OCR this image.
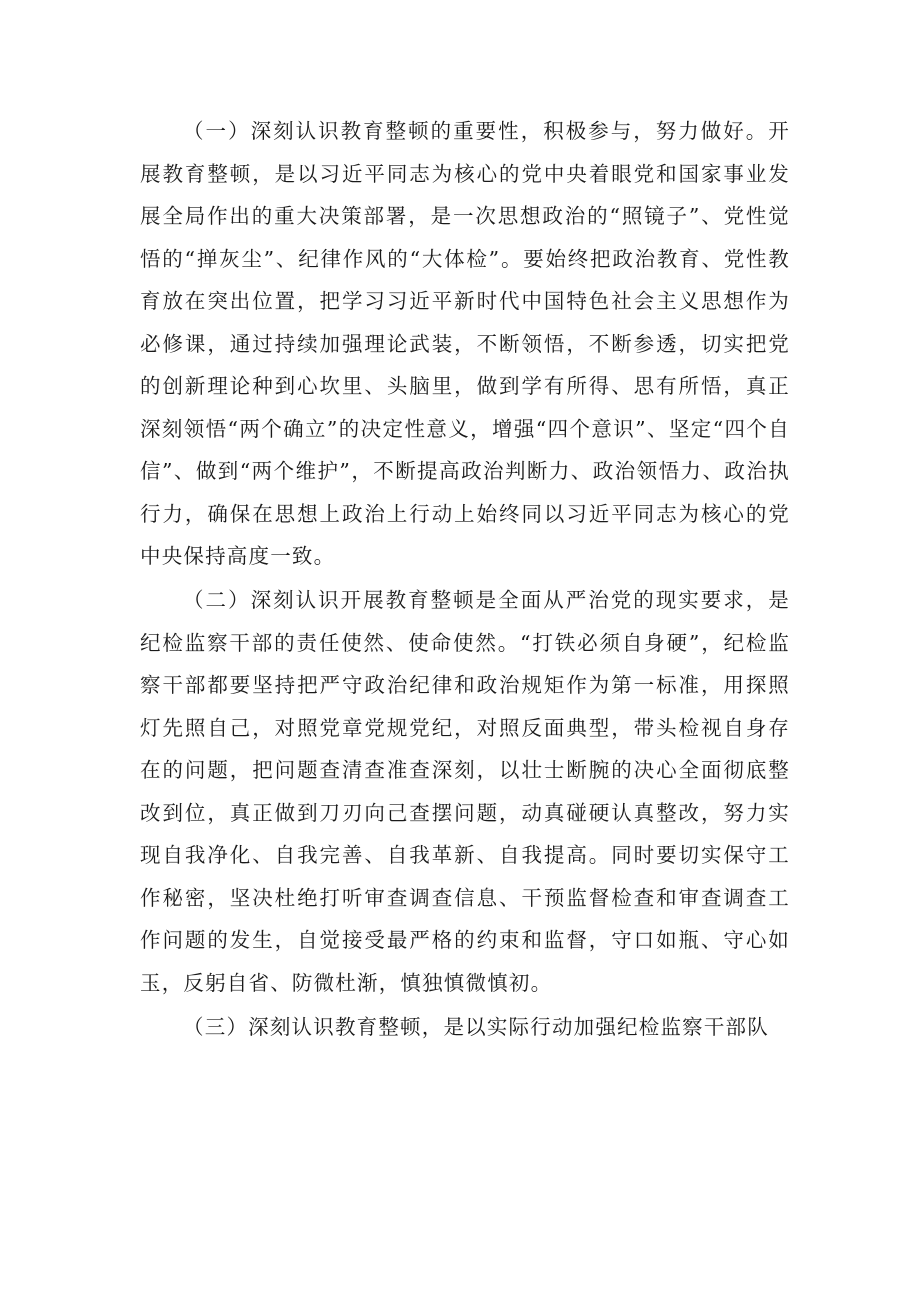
（一）深刻认识教育整顿的重要性，积极参与，努力做好。开展教育整顿，是以习近平同志为核心的党中央着眼党和国家事业发展全局作出的重大决策部署，是一次思想政治的“照镜子”、党性觉悟的“掸灰尘”、纪律作风的“大体检”。要始终把政治教育、党性教育放在突出位置，把学习习近平新时代中国特色社会主义思想作为必修课，通过持续加强理论武装，不断领悟，不断参透，切实把党的创新理论种到心坎里、头脑里，做到学有所得、思有所悟，真正深刻领悟“两个确立”的决定性意义，增强“四个意识”、坚定“四个自信”、做到“两个维护”，不断提高政治判断力、政治领悟力、政治执行力，确保在思想上政治上行动上始终同以习近平同志为核心的党中央保持高度一致。

（二）深刻认识开展教育整顿是全面从严治党的现实要求，是纪检监察干部的责任使然、使命使然。“打铁必须自身硬”，纪检监察干部都要坚持把严守政治纪律和政治规矩作为第一标准，用探照灯先照自己，对照党章党规党纪，对照反面典型，带头检视自身存在的问题，把问题查清查准查深刻，以壮士断腕的决心全面彻底整改到位，真正做到刀刃向己查摆问题，动真碰硬认真整改，努力实现自我净化、自我完善、自我革新、自我提高。同时要切实保守工作秘密，坚决杜绝打听审查调查信息、干预监督检查和审查调查工作问题的发生，自觉接受最严格的约束和监督，守口如瓶、守心如玉，反躬自省、防微杜渐，慎独慎微慎初。

（三）深刻认识教育整顿，是以实际行动加强纪检监察干部队
